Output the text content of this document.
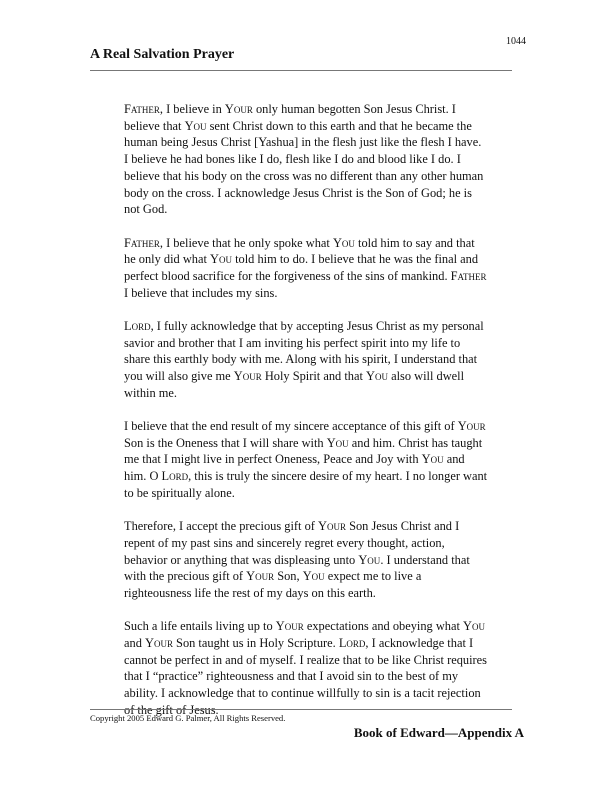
1044
A Real Salvation Prayer

Father, I believe in Your only human begotten Son Jesus Christ. I believe that You sent Christ down to this earth and that he became the human being Jesus Christ [Yashua] in the flesh just like the flesh I have. I believe he had bones like I do, flesh like I do and blood like I do. I believe that his body on the cross was no different than any other human body on the cross. I acknowledge Jesus Christ is the Son of God; he is not God.

Father, I believe that he only spoke what You told him to say and that he only did what You told him to do. I believe that he was the final and perfect blood sacrifice for the forgiveness of the sins of mankind. Father I believe that includes my sins.

Lord, I fully acknowledge that by accepting Jesus Christ as my personal savior and brother that I am inviting his perfect spirit into my life to share this earthly body with me. Along with his spirit, I understand that you will also give me Your Holy Spirit and that You also will dwell within me.

I believe that the end result of my sincere acceptance of this gift of Your Son is the Oneness that I will share with You and him. Christ has taught me that I might live in perfect Oneness, Peace and Joy with You and him. O Lord, this is truly the sincere desire of my heart. I no longer want to be spiritually alone.

Therefore, I accept the precious gift of Your Son Jesus Christ and I repent of my past sins and sincerely regret every thought, action, behavior or anything that was displeasing unto You. I understand that with the precious gift of Your Son, You expect me to live a righteousness life the rest of my days on this earth.

Such a life entails living up to Your expectations and obeying what You and Your Son taught us in Holy Scripture. Lord, I acknowledge that I cannot be perfect in and of myself. I realize that to be like Christ requires that I “practice” righteousness and that I avoid sin to the best of my ability. I acknowledge that to continue willfully to sin is a tacit rejection of the gift of Jesus.

Copyright 2005 Edward G. Palmer, All Rights Reserved.
Book of Edward—Appendix A
